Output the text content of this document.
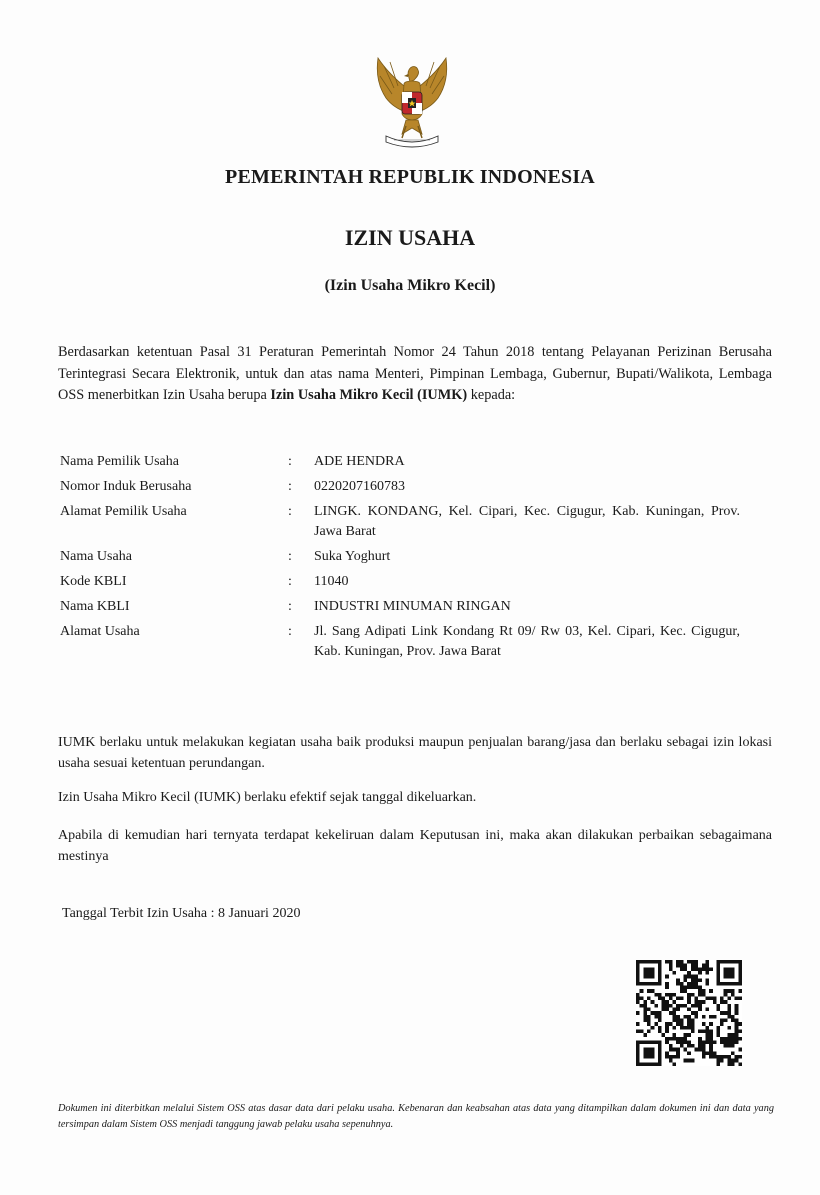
PEMERINTAH REPUBLIK INDONESIA
IZIN USAHA
(Izin Usaha Mikro Kecil)
Berdasarkan ketentuan Pasal 31 Peraturan Pemerintah Nomor 24 Tahun 2018 tentang Pelayanan Perizinan Berusaha Terintegrasi Secara Elektronik, untuk dan atas nama Menteri, Pimpinan Lembaga, Gubernur, Bupati/Walikota, Lembaga OSS menerbitkan Izin Usaha berupa Izin Usaha Mikro Kecil (IUMK) kepada:
Nama Pemilik Usaha	: ADE HENDRA
Nomor Induk Berusaha	: 0220207160783
Alamat Pemilik Usaha	: LINGK. KONDANG, Kel. Cipari, Kec. Cigugur, Kab. Kuningan, Prov. Jawa Barat
Nama Usaha	: Suka Yoghurt
Kode KBLI	: 11040
Nama KBLI	: INDUSTRI MINUMAN RINGAN
Alamat Usaha	: Jl. Sang Adipati Link Kondang Rt 09/ Rw 03, Kel. Cipari, Kec. Cigugur, Kab. Kuningan, Prov. Jawa Barat
IUMK berlaku untuk melakukan kegiatan usaha baik produksi maupun penjualan barang/jasa dan berlaku sebagai izin lokasi usaha sesuai ketentuan perundangan.
Izin Usaha Mikro Kecil (IUMK) berlaku efektif sejak tanggal dikeluarkan.
Apabila di kemudian hari ternyata terdapat kekeliruan dalam Keputusan ini, maka akan dilakukan perbaikan sebagaimana mestinya
Tanggal Terbit Izin Usaha : 8 Januari 2020
Dokumen ini diterbitkan melalui Sistem OSS atas dasar data dari pelaku usaha. Kebenaran dan keabsahan atas data yang ditampilkan dalam dokumen ini dan data yang tersimpan dalam Sistem OSS menjadi tanggung jawab pelaku usaha sepenuhnya.
